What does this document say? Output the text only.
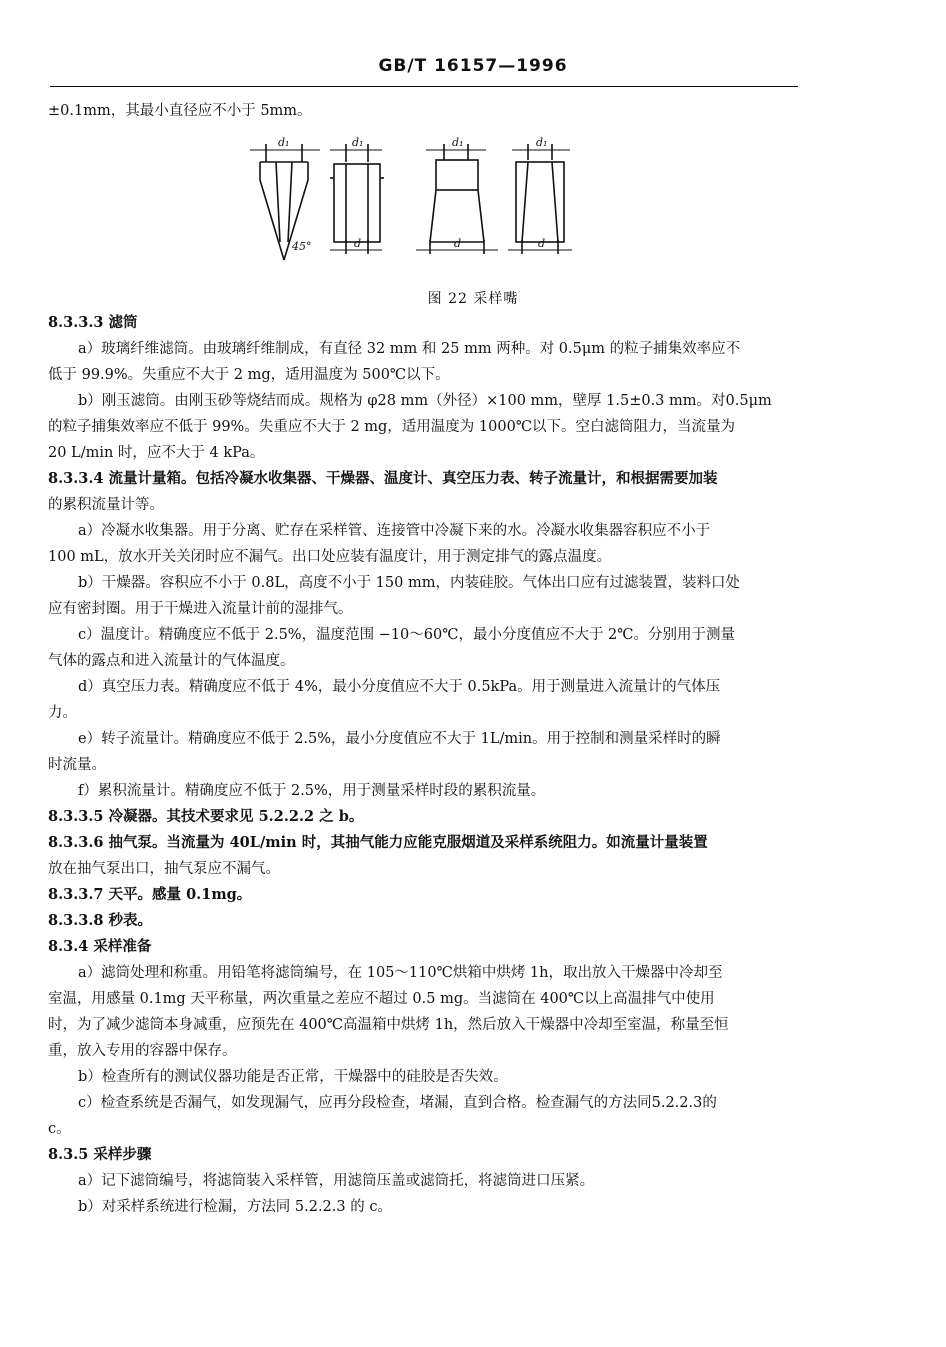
GB/T 16157—1996
±0.1mm，其最小直径应不小于 5mm。
d₁	d₁	d₁	d₁
d	d	d
45°
图 22 采样嘴
8.3.3.3 滤筒
a）玻璃纤维滤筒。由玻璃纤维制成，有直径 32 mm 和 25 mm 两种。对 0.5μm 的粒子捕集效率应不
低于 99.9%。失重应不大于 2 mg，适用温度为 500℃以下。
b）刚玉滤筒。由刚玉砂等烧结而成。规格为 φ28 mm（外径）×100 mm，壁厚 1.5±0.3 mm。对0.5μm
的粒子捕集效率应不低于 99%。失重应不大于 2 mg，适用温度为 1000℃以下。空白滤筒阻力，当流量为
20 L/min 时，应不大于 4 kPa。
8.3.3.4 流量计量箱。包括冷凝水收集器、干燥器、温度计、真空压力表、转子流量计，和根据需要加装
的累积流量计等。
a）冷凝水收集器。用于分离、贮存在采样管、连接管中冷凝下来的水。冷凝水收集器容积应不小于
100 mL，放水开关关闭时应不漏气。出口处应装有温度计，用于测定排气的露点温度。
b）干燥器。容积应不小于 0.8L，高度不小于 150 mm，内装硅胶。气体出口应有过滤装置，装料口处
应有密封圈。用于干燥进入流量计前的湿排气。
c）温度计。精确度应不低于 2.5%，温度范围 −10～60℃，最小分度值应不大于 2℃。分别用于测量
气体的露点和进入流量计的气体温度。
d）真空压力表。精确度应不低于 4%，最小分度值应不大于 0.5kPa。用于测量进入流量计的气体压
力。
e）转子流量计。精确度应不低于 2.5%，最小分度值应不大于 1L/min。用于控制和测量采样时的瞬
时流量。
f）累积流量计。精确度应不低于 2.5%，用于测量采样时段的累积流量。
8.3.3.5 冷凝器。其技术要求见 5.2.2.2 之 b。
8.3.3.6 抽气泵。当流量为 40L/min 时，其抽气能力应能克服烟道及采样系统阻力。如流量计量装置
放在抽气泵出口，抽气泵应不漏气。
8.3.3.7 天平。感量 0.1mg。
8.3.3.8 秒表。
8.3.4 采样准备
a）滤筒处理和称重。用铅笔将滤筒编号，在 105～110℃烘箱中烘烤 1h，取出放入干燥器中冷却至
室温，用感量 0.1mg 天平称量，两次重量之差应不超过 0.5 mg。当滤筒在 400℃以上高温排气中使用
时，为了减少滤筒本身减重，应预先在 400℃高温箱中烘烤 1h，然后放入干燥器中冷却至室温，称量至恒
重，放入专用的容器中保存。
b）检查所有的测试仪器功能是否正常，干燥器中的硅胶是否失效。
c）检查系统是否漏气，如发现漏气，应再分段检查，堵漏，直到合格。检查漏气的方法同5.2.2.3的
c。
8.3.5 采样步骤
a）记下滤筒编号，将滤筒装入采样管，用滤筒压盖或滤筒托，将滤筒进口压紧。
b）对采样系统进行检漏，方法同 5.2.2.3 的 c。
